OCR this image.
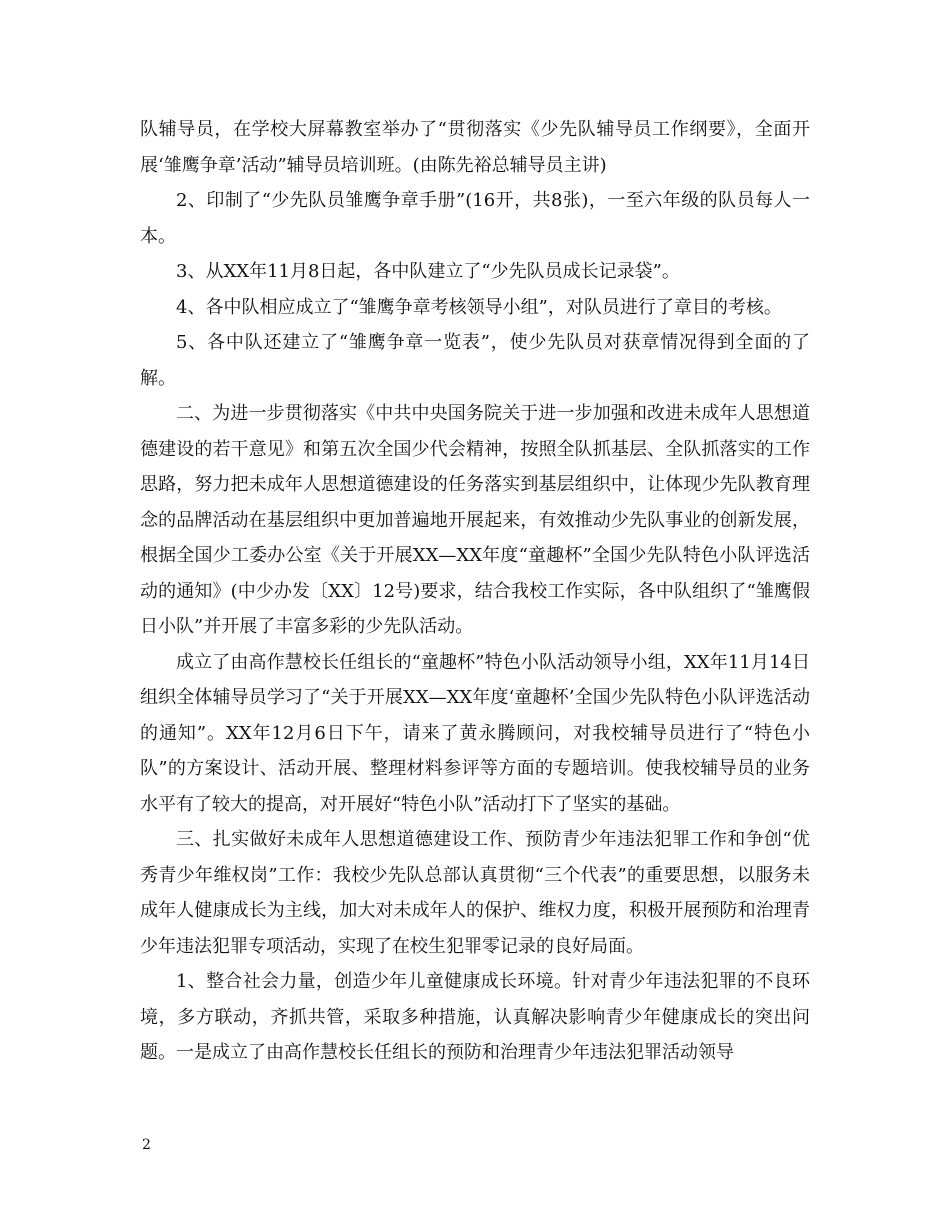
队辅导员，在学校大屏幕教室举办了“贯彻落实《少先队辅导员工作纲要》，全面开展‘雏鹰争章’活动”辅导员培训班。(由陈先裕总辅导员主讲)

2、印制了“少先队员雏鹰争章手册”(16开，共8张)，一至六年级的队员每人一本。

3、从XX年11月8日起，各中队建立了“少先队员成长记录袋”。

4、各中队相应成立了“雏鹰争章考核领导小组”，对队员进行了章目的考核。

5、各中队还建立了“雏鹰争章一览表”，使少先队员对获章情况得到全面的了解。

二、为进一步贯彻落实《中共中央国务院关于进一步加强和改进未成年人思想道德建设的若干意见》和第五次全国少代会精神，按照全队抓基层、全队抓落实的工作思路，努力把未成年人思想道德建设的任务落实到基层组织中，让体现少先队教育理念的品牌活动在基层组织中更加普遍地开展起来，有效推动少先队事业的创新发展，根据全国少工委办公室《关于开展XX—XX年度“童趣杯”全国少先队特色小队评选活动的通知》(中少办发〔XX〕12号)要求，结合我校工作实际，各中队组织了“雏鹰假日小队”并开展了丰富多彩的少先队活动。

成立了由高作慧校长任组长的“童趣杯”特色小队活动领导小组，XX年11月14日组织全体辅导员学习了“关于开展XX—XX年度‘童趣杯’全国少先队特色小队评选活动的通知”。XX年12月6日下午，请来了黄永腾顾问，对我校辅导员进行了“特色小队”的方案设计、活动开展、整理材料参评等方面的专题培训。使我校辅导员的业务水平有了较大的提高，对开展好“特色小队”活动打下了坚实的基础。

三、扎实做好未成年人思想道德建设工作、预防青少年违法犯罪工作和争创“优秀青少年维权岗”工作：我校少先队总部认真贯彻“三个代表”的重要思想，以服务未成年人健康成长为主线，加大对未成年人的保护、维权力度，积极开展预防和治理青少年违法犯罪专项活动，实现了在校生犯罪零记录的良好局面。

1、整合社会力量，创造少年儿童健康成长环境。针对青少年违法犯罪的不良环境，多方联动，齐抓共管，采取多种措施，认真解决影响青少年健康成长的突出问题。一是成立了由高作慧校长任组长的预防和治理青少年违法犯罪活动领导

2
